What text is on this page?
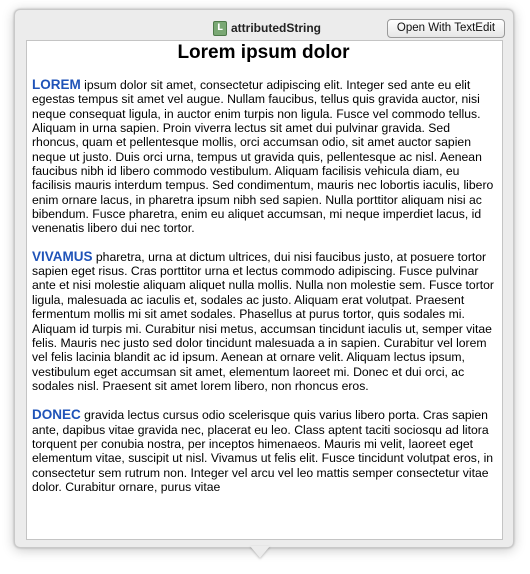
L attributedString	Open With TextEdit

Lorem ipsum dolor

LOREM ipsum dolor sit amet, consectetur adipiscing elit. Integer sed ante eu elit egestas tempus sit amet vel augue. Nullam faucibus, tellus quis gravida auctor, nisi neque consequat ligula, in auctor enim turpis non ligula. Fusce vel commodo tellus. Aliquam in urna sapien. Proin viverra lectus sit amet dui pulvinar gravida. Sed rhoncus, quam et pellentesque mollis, orci accumsan odio, sit amet auctor sapien neque ut justo. Duis orci urna, tempus ut gravida quis, pellentesque ac nisl. Aenean faucibus nibh id libero commodo vestibulum. Aliquam facilisis vehicula diam, eu facilisis mauris interdum tempus. Sed condimentum, mauris nec lobortis iaculis, libero enim ornare lacus, in pharetra ipsum nibh sed sapien. Nulla porttitor aliquam nisi ac bibendum. Fusce pharetra, enim eu aliquet accumsan, mi neque imperdiet lacus, id venenatis libero dui nec tortor.

VIVAMUS pharetra, urna at dictum ultrices, dui nisi faucibus justo, at posuere tortor sapien eget risus. Cras porttitor urna et lectus commodo adipiscing. Fusce pulvinar ante et nisi molestie aliquam aliquet nulla mollis. Nulla non molestie sem. Fusce tortor ligula, malesuada ac iaculis et, sodales ac justo. Aliquam erat volutpat. Praesent fermentum mollis mi sit amet sodales. Phasellus at purus tortor, quis sodales mi. Aliquam id turpis mi. Curabitur nisi metus, accumsan tincidunt iaculis ut, semper vitae felis. Mauris nec justo sed dolor tincidunt malesuada a in sapien. Curabitur vel lorem vel felis lacinia blandit ac id ipsum. Aenean at ornare velit. Aliquam lectus ipsum, vestibulum eget accumsan sit amet, elementum laoreet mi. Donec et dui orci, ac sodales nisl. Praesent sit amet lorem libero, non rhoncus eros.

DONEC gravida lectus cursus odio scelerisque quis varius libero porta. Cras sapien ante, dapibus vitae gravida nec, placerat eu leo. Class aptent taciti sociosqu ad litora torquent per conubia nostra, per inceptos himenaeos. Mauris mi velit, laoreet eget elementum vitae, suscipit ut nisl. Vivamus ut felis elit. Fusce tincidunt volutpat eros, in consectetur sem rutrum non. Integer vel arcu vel leo mattis semper consectetur vitae dolor. Curabitur ornare, purus vitae
